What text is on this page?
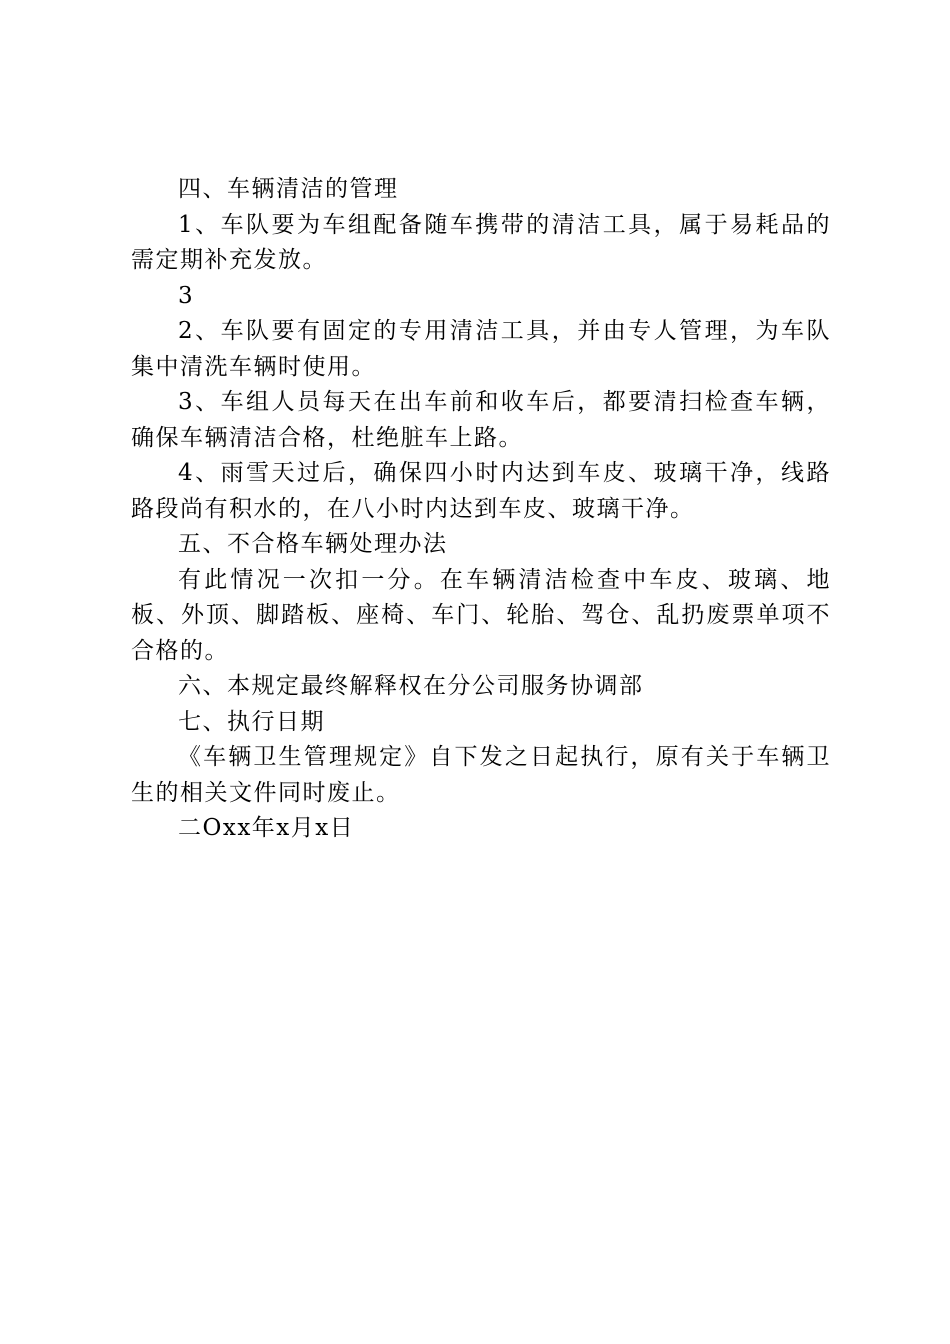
四、车辆清洁的管理

1、车队要为车组配备随车携带的清洁工具，属于易耗品的需定期补充发放。

3

2、车队要有固定的专用清洁工具，并由专人管理，为车队集中清洗车辆时使用。

3、车组人员每天在出车前和收车后，都要清扫检查车辆，确保车辆清洁合格，杜绝脏车上路。

4、雨雪天过后，确保四小时内达到车皮、玻璃干净，线路路段尚有积水的，在八小时内达到车皮、玻璃干净。

五、不合格车辆处理办法

有此情况一次扣一分。在车辆清洁检查中车皮、玻璃、地板、外顶、脚踏板、座椅、车门、轮胎、驾仓、乱扔废票单项不合格的。

六、本规定最终解释权在分公司服务协调部

七、执行日期

《车辆卫生管理规定》自下发之日起执行，原有关于车辆卫生的相关文件同时废止。

二Oxx年x月x日
